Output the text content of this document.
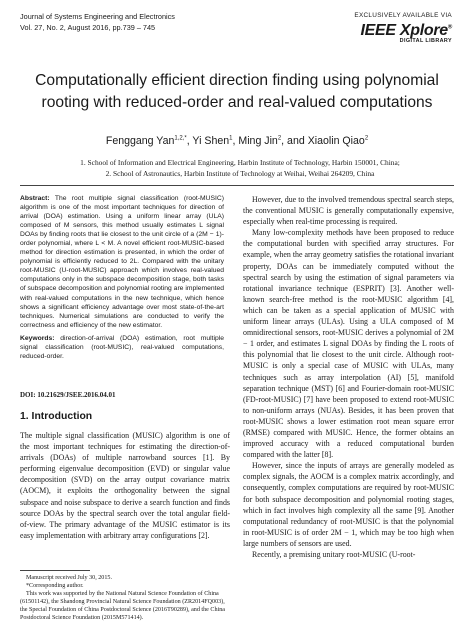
Journal of Systems Engineering and Electronics
Vol. 27, No. 2, August 2016, pp.739 – 745
EXCLUSIVELY AVAILABLE VIA
IEEE Xplore®
DIGITAL LIBRARY
Computationally efficient direction finding using polynomial
rooting with reduced-order and real-valued computations
Fenggang Yan$^{1,2,*}$, Yi Shen$^1$, Ming Jin$^2$, and Xiaolin Qiao$^2$
1. School of Information and Electrical Engineering, Harbin Institute of Technology, Harbin 150001, China;
2. School of Astronautics, Harbin Institute of Technology at Weihai, Weihai 264209, China
Abstract: The root multiple signal classification (root-MUSIC) algorithm is one of the most important techniques for direction of arrival (DOA) estimation. Using a uniform linear array (ULA) composed of M sensors, this method usually estimates L signal DOAs by finding roots that lie closest to the unit circle of a (2M − 1)-order polynomial, where L < M. A novel efficient root-MUSIC-based method for direction estimation is presented, in which the order of polynomial is efficiently reduced to 2L. Compared with the unitary root-MUSIC (U-root-MUSIC) approach which involves real-valued computations only in the subspace decomposition stage, both tasks of subspace decomposition and polynomial rooting are implemented with real-valued computations in the new technique, which hence shows a significant efficiency advantage over most state-of-the-art techniques. Numerical simulations are conducted to verify the correctness and efficiency of the new estimator.
Keywords: direction-of-arrival (DOA) estimation, root multiple signal classification (root-MUSIC), real-valued computations, reduced-order.
DOI: 10.21629/JSEE.2016.04.01
1. Introduction
The multiple signal classification (MUSIC) algorithm is one of the most important techniques for estimating the direction-of-arrivals (DOAs) of multiple narrowband sources [1]. By performing eigenvalue decomposition (EVD) or singular value decomposition (SVD) on the array output covariance matrix (AOCM), it exploits the orthogonality between the signal subspace and noise subspace to derive a search function and finds source DOAs by the spectral search over the total angular field-of-view. The primary advantage of the MUSIC estimator is its easy implementation with arbitrary array configurations [2].
Manuscript received July 30, 2015.
*Corresponding author.
This work was supported by the National Natural Science Foundation of China (61501142), the Shandong Provincial Natural Science Foundation (ZR2014FQ003), the Special Foundation of China Postdoctoral Science (2016T90289), and the China Postdoctoral Science Foundation (2015M571414).

However, due to the involved tremendous spectral search steps, the conventional MUSIC is generally computationally expensive, especially when real-time processing is required.

Many low-complexity methods have been proposed to reduce the computational burden with specified array structures. For example, when the array geometry satisfies the rotational invariant property, DOAs can be immediately computed without the spectral search by using the estimation of signal parameters via rotational invariance technique (ESPRIT) [3]. Another well-known search-free method is the root-MUSIC algorithm [4], which can be taken as a special application of MUSIC with uniform linear arrays (ULAs). Using a ULA composed of M omnidirectional sensors, root-MUSIC derives a polynomial of 2M − 1 order, and estimates L signal DOAs by finding the L roots of this polynomial that lie closest to the unit circle. Although root-MUSIC is only a special case of MUSIC with ULAs, many techniques such as array interpolation (AI) [5], manifold separation technique (MST) [6] and Fourier-domain root-MUSIC (FD-root-MUSIC) [7] have been proposed to extend root-MUSIC to non-uniform arrays (NUAs). Besides, it has been proven that root-MUSIC shows a lower estimation root mean square error (RMSE) compared with MUSIC. Hence, the former obtains an improved accuracy with a reduced computational burden compared with the latter [8].

However, since the inputs of arrays are generally modeled as complex signals, the AOCM is a complex matrix accordingly, and consequently, complex computations are required by root-MUSIC for both subspace decomposition and polynomial rooting stages, which in fact involves high complexity all the same [9]. Another computational redundancy of root-MUSIC is that the polynomial in root-MUSIC is of order 2M − 1, which may be too high when large numbers of sensors are used.

Recently, a premising unitary root-MUSIC (U-root-
